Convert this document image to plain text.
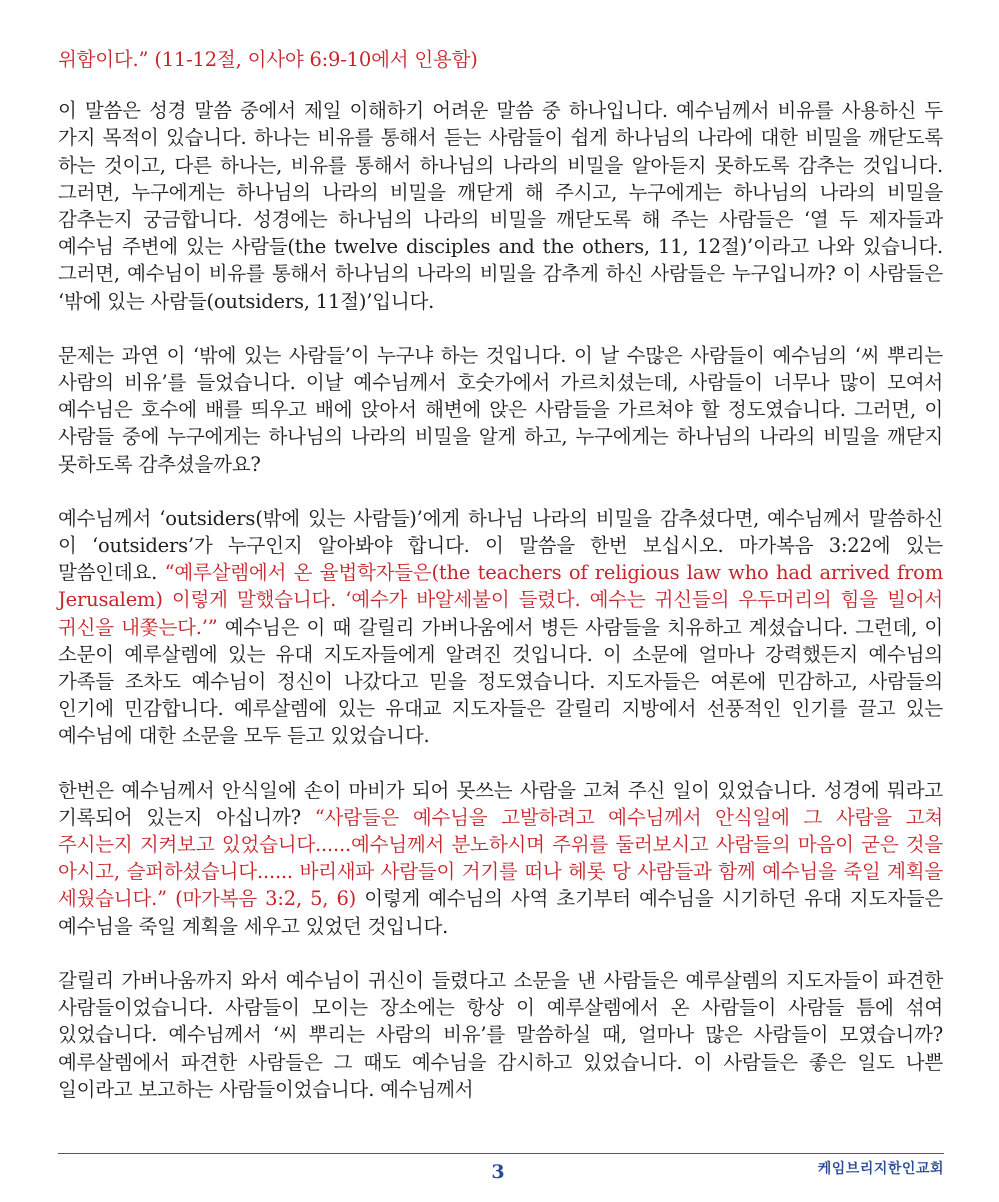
위함이다.” (11-12절, 이사야 6:9-10에서 인용함)

이 말씀은 성경 말씀 중에서 제일 이해하기 어려운 말씀 중 하나입니다. 예수님께서 비유를 사용하신 두 가지 목적이 있습니다. 하나는 비유를 통해서 듣는 사람들이 쉽게 하나님의 나라에 대한 비밀을 깨닫도록 하는 것이고, 다른 하나는, 비유를 통해서 하나님의 나라의 비밀을 알아듣지 못하도록 감추는 것입니다. 그러면, 누구에게는 하나님의 나라의 비밀을 깨닫게 해 주시고, 누구에게는 하나님의 나라의 비밀을 감추는지 궁금합니다. 성경에는 하나님의 나라의 비밀을 깨닫도록 해 주는 사람들은 ‘열 두 제자들과 예수님 주변에 있는 사람들(the twelve disciples and the others, 11, 12절)’이라고 나와 있습니다. 그러면, 예수님이 비유를 통해서 하나님의 나라의 비밀을 감추게 하신 사람들은 누구입니까? 이 사람들은 ‘밖에 있는 사람들(outsiders, 11절)’입니다.

문제는 과연 이 ‘밖에 있는 사람들’이 누구냐 하는 것입니다. 이 날 수많은 사람들이 예수님의 ‘씨 뿌리는 사람의 비유’를 들었습니다. 이날 예수님께서 호숫가에서 가르치셨는데, 사람들이 너무나 많이 모여서 예수님은 호수에 배를 띄우고 배에 앉아서 해변에 앉은 사람들을 가르쳐야 할 정도였습니다. 그러면, 이 사람들 중에 누구에게는 하나님의 나라의 비밀을 알게 하고, 누구에게는 하나님의 나라의 비밀을 깨닫지 못하도록 감추셨을까요?

예수님께서 ‘outsiders(밖에 있는 사람들)’에게 하나님 나라의 비밀을 감추셨다면, 예수님께서 말씀하신 이 ‘outsiders’가 누구인지 알아봐야 합니다. 이 말씀을 한번 보십시오. 마가복음 3:22에 있는 말씀인데요. “예루살렘에서 온 율법학자들은(the teachers of religious law who had arrived from Jerusalem) 이렇게 말했습니다. ‘예수가 바알세불이 들렸다. 예수는 귀신들의 우두머리의 힘을 빌어서 귀신을 내쫓는다.’” 예수님은 이 때 갈릴리 가버나움에서 병든 사람들을 치유하고 계셨습니다. 그런데, 이 소문이 예루살렘에 있는 유대 지도자들에게 알려진 것입니다. 이 소문에 얼마나 강력했든지 예수님의 가족들 조차도 예수님이 정신이 나갔다고 믿을 정도였습니다. 지도자들은 여론에 민감하고, 사람들의 인기에 민감합니다. 예루살렘에 있는 유대교 지도자들은 갈릴리 지방에서 선풍적인 인기를 끌고 있는 예수님에 대한 소문을 모두 듣고 있었습니다.

한번은 예수님께서 안식일에 손이 마비가 되어 못쓰는 사람을 고쳐 주신 일이 있었습니다. 성경에 뭐라고 기록되어 있는지 아십니까? “사람들은 예수님을 고발하려고 예수님께서 안식일에 그 사람을 고쳐 주시는지 지켜보고 있었습니다......예수님께서 분노하시며 주위를 둘러보시고 사람들의 마음이 굳은 것을 아시고, 슬퍼하셨습니다...... 바리새파 사람들이 거기를 떠나 헤롯 당 사람들과 함께 예수님을 죽일 계획을 세웠습니다.” (마가복음 3:2, 5, 6) 이렇게 예수님의 사역 초기부터 예수님을 시기하던 유대 지도자들은 예수님을 죽일 계획을 세우고 있었던 것입니다.

갈릴리 가버나움까지 와서 예수님이 귀신이 들렸다고 소문을 낸 사람들은 예루살렘의 지도자들이 파견한 사람들이었습니다. 사람들이 모이는 장소에는 항상 이 예루살렘에서 온 사람들이 사람들 틈에 섞여 있었습니다. 예수님께서 ‘씨 뿌리는 사람의 비유’를 말씀하실 때, 얼마나 많은 사람들이 모였습니까? 예루살렘에서 파견한 사람들은 그 때도 예수님을 감시하고 있었습니다. 이 사람들은 좋은 일도 나쁜 일이라고 보고하는 사람들이었습니다. 예수님께서

3	케임브리지한인교회
